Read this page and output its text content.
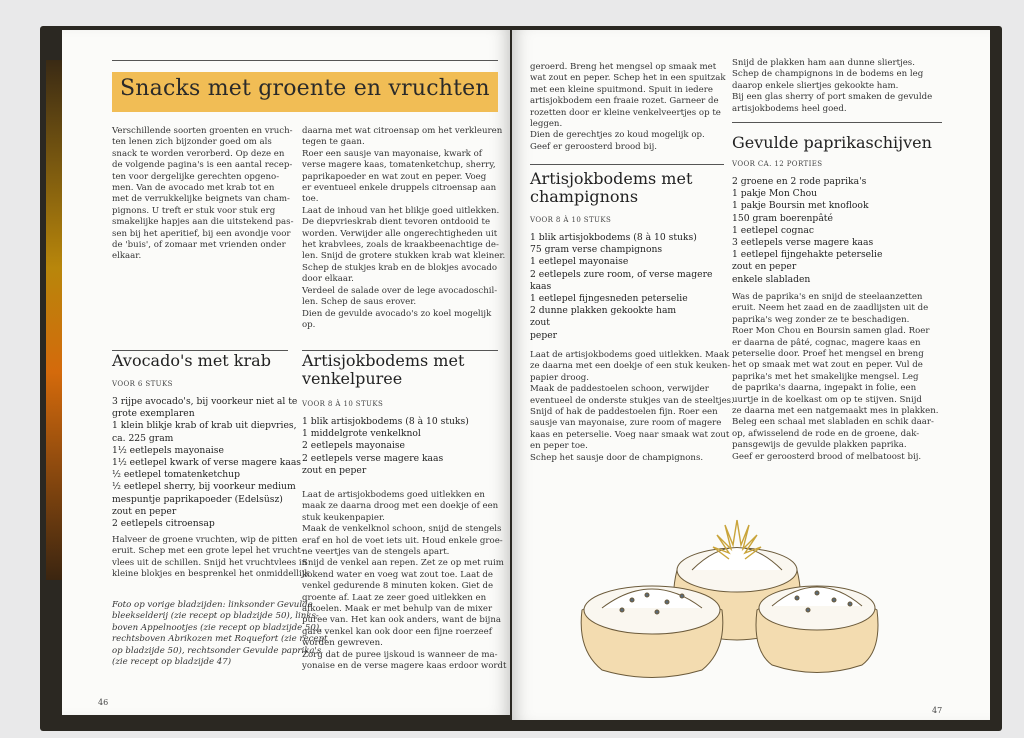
Snacks met groente en vruchten
Verschillende soorten groenten en vruch-
ten lenen zich bijzonder goed om als
snack te worden verorberd. Op deze en
de volgende pagina's is een aantal recep-
ten voor dergelijke gerechten opgeno-
men. Van de avocado met krab tot en
met de verrukkelijke beignets van cham-
pignons. U treft er stuk voor stuk erg
smakelijke hapjes aan die uitstekend pas-
sen bij het aperitief, bij een avondje voor
de 'buis', of zomaar met vrienden onder
elkaar.
daarna met wat citroensap om het verkleuren
tegen te gaan.
Roer een sausje van mayonaise, kwark of
verse magere kaas, tomatenketchup, sherry,
paprikapoeder en wat zout en peper. Voeg
er eventueel enkele druppels citroensap aan
toe.
Laat de inhoud van het blikje goed uitlekken.
De diepvrieskrab dient tevoren ontdooid te
worden. Verwijder alle ongerechtigheden uit
het krabvlees, zoals de kraakbeenachtige de-
len. Snijd de grotere stukken krab wat kleiner.
Schep de stukjes krab en de blokjes avocado
door elkaar.
Verdeel de salade over de lege avocadoschil-
len. Schep de saus erover.
Dien de gevulde avocado's zo koel mogelijk
op.
Avocado's met krab
VOOR 6 STUKS
3 rijpe avocado's, bij voorkeur niet al te
grote exemplaren
1 klein blikje krab of krab uit diepvries,
ca. 225 gram
1½ eetlepels mayonaise
1½ eetlepel kwark of verse magere kaas
½ eetlepel tomatenketchup
½ eetlepel sherry, bij voorkeur medium
mespuntje paprikapoeder (Edelsüsz)
zout en peper
2 eetlepels citroensap
Halveer de groene vruchten, wip de pitten
eruit. Schep met een grote lepel het vrucht-
vlees uit de schillen. Snijd het vruchtvlees in
kleine blokjes en besprenkel het onmiddellijk
Foto op vorige bladzijden: linksonder Gevulde
bleekselderij (zie recept op bladzijde 50), links-
boven Appelnootjes (zie recept op bladzijde 50),
rechtsboven Abrikozen met Roquefort (zie recept
op bladzijde 50), rechtsonder Gevulde paprika's
(zie recept op bladzijde 47)
Artisjokbodems met
venkelpuree
VOOR 8 À 10 STUKS
1 blik artisjokbodems (8 à 10 stuks)
1 middelgrote venkelknol
2 eetlepels mayonaise
2 eetlepels verse magere kaas
zout en peper
Laat de artisjokbodems goed uitlekken en
maak ze daarna droog met een doekje of een
stuk keukenpapier.
Maak de venkelknol schoon, snijd de stengels
eraf en hol de voet iets uit. Houd enkele groe-
ne veertjes van de stengels apart.
Snijd de venkel aan repen. Zet ze op met ruim
kokend water en voeg wat zout toe. Laat de
venkel gedurende 8 minuten koken. Giet de
groente af. Laat ze zeer goed uitlekken en
afkoelen. Maak er met behulp van de mixer
puree van. Het kan ook anders, want de bijna
gare venkel kan ook door een fijne roerzeef
worden gewreven.
Zorg dat de puree ijskoud is wanneer de ma-
yonaise en de verse magere kaas erdoor wordt
46
geroerd. Breng het mengsel op smaak met
wat zout en peper. Schep het in een spuitzak
met een kleine spuitmond. Spuit in iedere
artisjokbodem een fraaie rozet. Garneer de
rozetten door er kleine venkelveertjes op te
leggen.
Dien de gerechtjes zo koud mogelijk op.
Geef er geroosterd brood bij.
Artisjokbodems met
champignons
VOOR 8 À 10 STUKS
1 blik artisjokbodems (8 à 10 stuks)
75 gram verse champignons
1 eetlepel mayonaise
2 eetlepels zure room, of verse magere
kaas
1 eetlepel fijngesneden peterselie
2 dunne plakken gekookte ham
zout
peper
Laat de artisjokbodems goed uitlekken. Maak
ze daarna met een doekje of een stuk keuken-
papier droog.
Maak de paddestoelen schoon, verwijder
eventueel de onderste stukjes van de steeltjes.
Snijd of hak de paddestoelen fijn. Roer een
sausje van mayonaise, zure room of magere
kaas en peterselie. Voeg naar smaak wat zout
en peper toe.
Schep het sausje door de champignons.
Snijd de plakken ham aan dunne sliertjes.
Schep de champignons in de bodems en leg
daarop enkele sliertjes gekookte ham.
Bij een glas sherry of port smaken de gevulde
artisjokbodems heel goed.
Gevulde paprikaschijven
VOOR CA. 12 PORTIES
2 groene en 2 rode paprika's
1 pakje Mon Chou
1 pakje Boursin met knoflook
150 gram boerenpâté
1 eetlepel cognac
3 eetlepels verse magere kaas
1 eetlepel fijngehakte peterselie
zout en peper
enkele slabladen
Was de paprika's en snijd de steelaanzetten
eruit. Neem het zaad en de zaadlijsten uit de
paprika's weg zonder ze te beschadigen.
Roer Mon Chou en Boursin samen glad. Roer
er daarna de pâté, cognac, magere kaas en
peterselie door. Proef het mengsel en breng
het op smaak met wat zout en peper. Vul de
paprika's met het smakelijke mengsel. Leg
de paprika's daarna, ingepakt in folie, een
uurtje in de koelkast om op te stijven. Snijd
ze daarna met een natgemaakt mes in plakken.
Beleg een schaal met slabladen en schik daar-
op, afwisselend de rode en de groene, dak-
pansgewijs de gevulde plakken paprika.
Geef er geroosterd brood of melbatoost bij.
47
